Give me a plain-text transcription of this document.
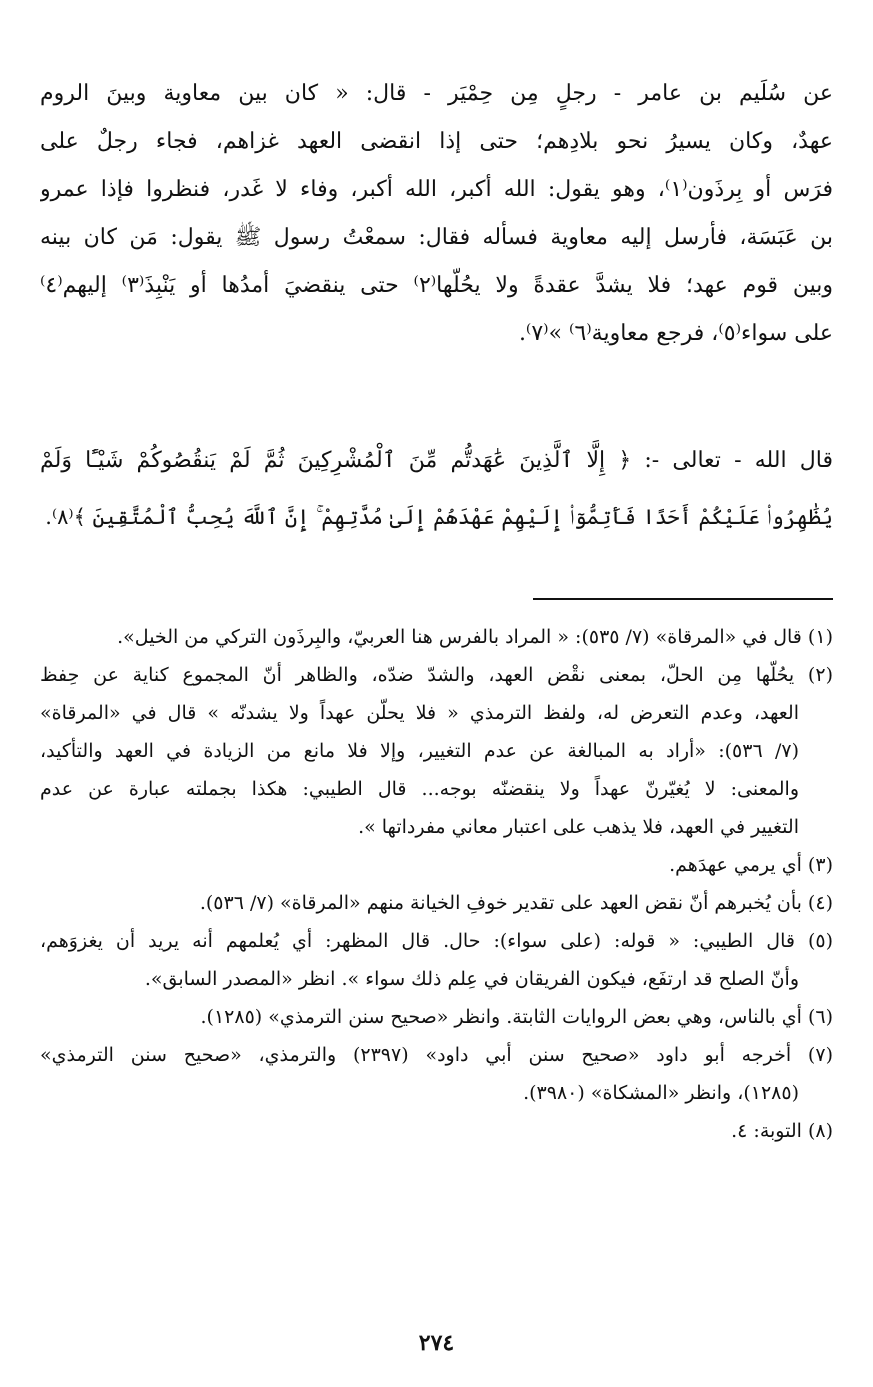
عن سُلَيم بن عامر - رجلٍ مِن حِمْيَر - قال: « كان بين معاوية وبينَ الروم
عهدٌ، وكان يسيرُ نحو بلادِهم؛ حتى إذا انقضى العهد غزاهم، فجاء رجلٌ على
فرَس أو بِرذَون⁽١⁾، وهو يقول: الله أكبر، الله أكبر، وفاء لا غَدر، فنظروا فإذا عمرو
بن عَبَسَة، فأرسل إليه معاوية فسأله فقال: سمعْتُ رسول ﷺ يقول: مَن كان بينه
وبين قوم عهد؛ فلا يشدَّ عقدةً ولا يحُلّها⁽٢⁾ حتى ينقضيَ أمدُها أو يَنْبِذَ⁽٣⁾ إليهم⁽٤⁾
على سواء⁽٥⁾، فرجع معاوية⁽٦⁾ »⁽٧⁾.
قال الله - تعالى -: ﴿ إِلَّا ٱلَّذِينَ عَٰهَدتُّم مِّنَ ٱلْمُشْرِكِينَ ثُمَّ لَمْ يَنقُصُوكُمْ شَيْـًٔا وَلَمْ
يُظَٰهِرُوا۟ عَلَيْكُمْ أَحَدًا فَأَتِمُّوٓا۟ إِلَيْهِمْ عَهْدَهُمْ إِلَىٰ مُدَّتِهِمْ ۚ إِنَّ ٱللَّهَ يُحِبُّ ٱلْمُتَّقِينَ ﴾⁽٨⁾.
(١) قال في «المرقاة» (٧/ ٥٣٥): « المراد بالفرس هنا العربيّ، والبِرذَون التركي من الخيل».
(٢) يحُلّها مِن الحلّ، بمعنى نقْض العهد، والشدّ ضدّه، والظاهر أنّ المجموع كناية عن حِفظ
العهد، وعدم التعرض له، ولفظ الترمذي « فلا يحلّن عهداً ولا يشدنّه » قال في «المرقاة»
(٧/ ٥٣٦): «أراد به المبالغة عن عدم التغيير، وإلا فلا مانع من الزيادة في العهد والتأكيد،
والمعنى: لا يُغيّرنّ عهداً ولا ينقضنّه بوجه... قال الطيبي: هكذا بجملته عبارة عن عدم
التغيير في العهد، فلا يذهب على اعتبار معاني مفرداتها ».
(٣) أي يرمي عهدَهم.
(٤) بأن يُخبرهم أنّ نقض العهد على تقدير خوفِ الخيانة منهم «المرقاة» (٧/ ٥٣٦).
(٥) قال الطيبي: « قوله: (على سواء): حال. قال المظهر: أي يُعلمهم أنه يريد أن يغزوَهم،
وأنّ الصلح قد ارتفَع، فيكون الفريقان في عِلم ذلك سواء ». انظر «المصدر السابق».
(٦) أي بالناس، وهي بعض الروايات الثابتة. وانظر «صحيح سنن الترمذي» (١٢٨٥).
(٧) أخرجه أبو داود «صحيح سنن أبي داود» (٢٣٩٧) والترمذي، «صحيح سنن الترمذي»
(١٢٨٥)، وانظر «المشكاة» (٣٩٨٠).
(٨) التوبة: ٤.
٢٧٤
